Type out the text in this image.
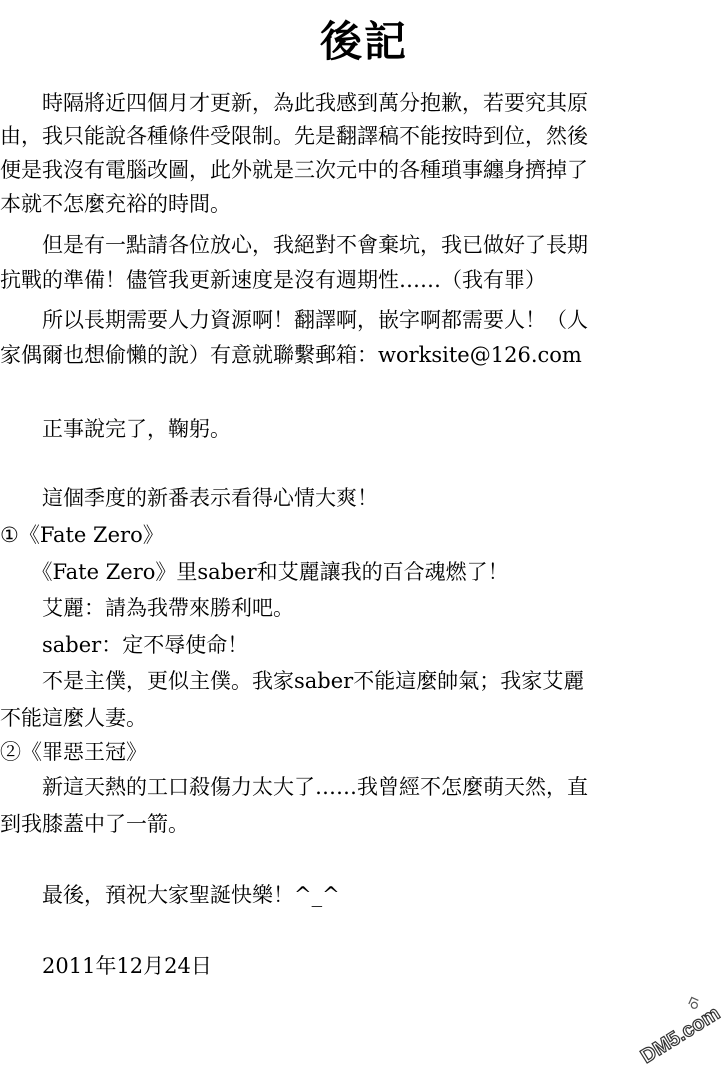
後記
　　時隔將近四個月才更新，為此我感到萬分抱歉，若要究其原
由，我只能說各種條件受限制。先是翻譯稿不能按時到位，然後
便是我沒有電腦改圖，此外就是三次元中的各種瑣事纏身擠掉了
本就不怎麼充裕的時間。
　　但是有一點請各位放心，我絕對不會棄坑，我已做好了長期
抗戰的準備！儘管我更新速度是沒有週期性……（我有罪）
　　所以長期需要人力資源啊！翻譯啊，嵌字啊都需要人！（人
家偶爾也想偷懶的說）有意就聯繫郵箱：worksite@126.com
　　正事說完了，鞠躬。
　　這個季度的新番表示看得心情大爽！
①《Fate Zero》
　　《Fate Zero》里saber和艾麗讓我的百合魂燃了！
　　艾麗：請為我帶來勝利吧。
　　saber：定不辱使命！
　　不是主僕，更似主僕。我家saber不能這麼帥氣；我家艾麗
不能這麼人妻。
②《罪惡王冠》
　　新這天熱的工口殺傷力太大了……我曾經不怎麼萌天然，直
到我膝蓋中了一箭。
　　最後，預祝大家聖誕快樂！^_^
　　2011年12月24日
DM5.com
